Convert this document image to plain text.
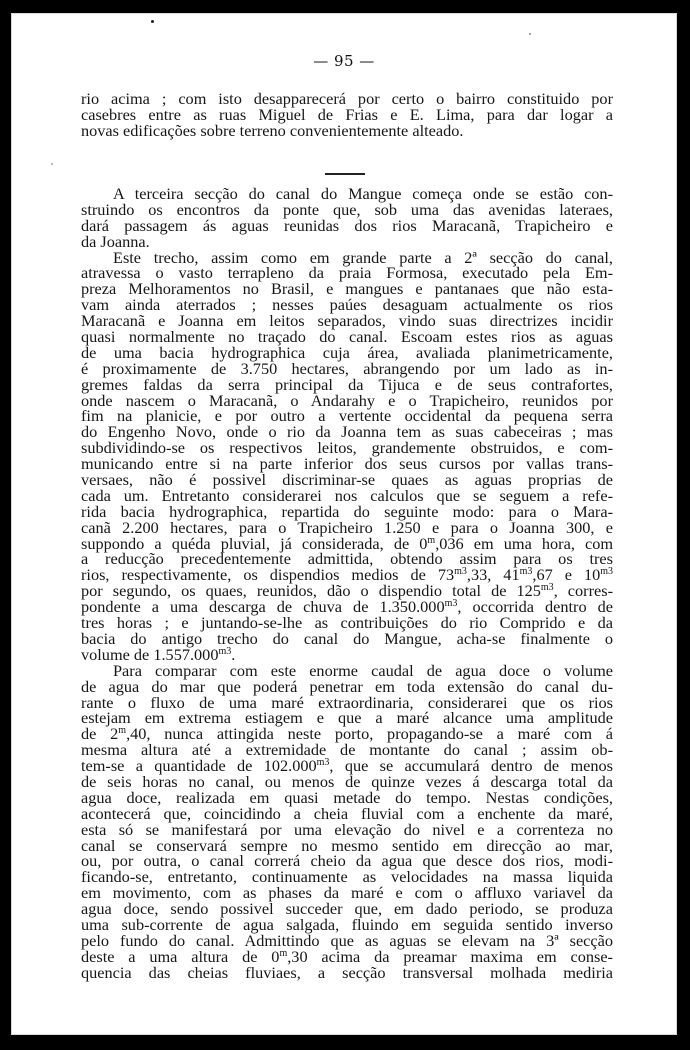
— 95 —

rio acima ; com isto desapparecerá por certo o bairro constituido por
casebres entre as ruas Miguel de Frias e E. Lima, para dar logar a
novas edificações sobre terreno convenientemente alteado.

A terceira secção do canal do Mangue começa onde se estão con-
struindo os encontros da ponte que, sob uma das avenidas lateraes,
dará passagem ás aguas reunidas dos rios Maracanã, Trapicheiro e
da Joanna.

Este trecho, assim como em grande parte a 2ª secção do canal,
atravessa o vasto terrapleno da praia Formosa, executado pela Em-
preza Melhoramentos no Brasil, e mangues e pantanaes que não esta-
vam ainda aterrados ; nesses paúes desaguam actualmente os rios
Maracanã e Joanna em leitos separados, vindo suas directrizes incidir
quasi normalmente no traçado do canal. Escoam estes rios as aguas
de uma bacia hydrographica cuja área, avaliada planimetricamente,
é proximamente de 3.750 hectares, abrangendo por um lado as in-
gremes faldas da serra principal da Tijuca e de seus contrafortes,
onde nascem o Maracanã, o Andarahy e o Trapicheiro, reunidos por
fim na planicie, e por outro a vertente occidental da pequena serra
do Engenho Novo, onde o rio da Joanna tem as suas cabeceiras ; mas
subdividindo-se os respectivos leitos, grandemente obstruidos, e com-
municando entre si na parte inferior dos seus cursos por vallas trans-
versaes, não é possivel discriminar-se quaes as aguas proprias de
cada um. Entretanto considerarei nos calculos que se seguem a refe-
rida bacia hydrographica, repartida do seguinte modo: para o Mara-
canã 2.200 hectares, para o Trapicheiro 1.250 e para o Joanna 300, e
suppondo a quéda pluvial, já considerada, de 0$^m$,036 em uma hora, com
a reducção precedentemente admittida, obtendo assim para os tres
rios, respectivamente, os dispendios medios de $73^{m3},33$, $41^{m3},67$ e $10^{m3}$
por segundo, os quaes, reunidos, dão o dispendio total de $125^{m3}$, corres-
pondente a uma descarga de chuva de $1.350.000^{m3}$, occorrida dentro de
tres horas ; e juntando-se-lhe as contribuições do rio Comprido e da
bacia do antigo trecho do canal do Mangue, acha-se finalmente o
volume de $1.557.000^{m3}$.

Para comparar com este enorme caudal de agua doce o volume
de agua do mar que poderá penetrar em toda extensão do canal du-
rante o fluxo de uma maré extraordinaria, considerarei que os rios
estejam em extrema estiagem e que a maré alcance uma amplitude
de 2$^m$,40, nunca attingida neste porto, propagando-se a maré com á
mesma altura até a extremidade de montante do canal ; assim ob-
tem-se a quantidade de $102.000^{m3}$, que se accumulará dentro de menos
de seis horas no canal, ou menos de quinze vezes á descarga total da
agua doce, realizada em quasi metade do tempo. Nestas condições,
acontecerá que, coincidindo a cheia fluvial com a enchente da maré,
esta só se manifestará por uma elevação do nivel e a correnteza no
canal se conservará sempre no mesmo sentido em direcção ao mar,
ou, por outra, o canal correrá cheio da agua que desce dos rios, modi-
ficando-se, entretanto, continuamente as velocidades na massa liquida
em movimento, com as phases da maré e com o affluxo variavel da
agua doce, sendo possivel succeder que, em dado periodo, se produza
uma sub-corrente de agua salgada, fluindo em seguida sentido inverso
pelo fundo do canal. Admittindo que as aguas se elevam na 3ª secção
deste a uma altura de 0$^m$,30 acima da preamar maxima em conse-
quencia das cheias fluviaes, a secção transversal molhada mediria
